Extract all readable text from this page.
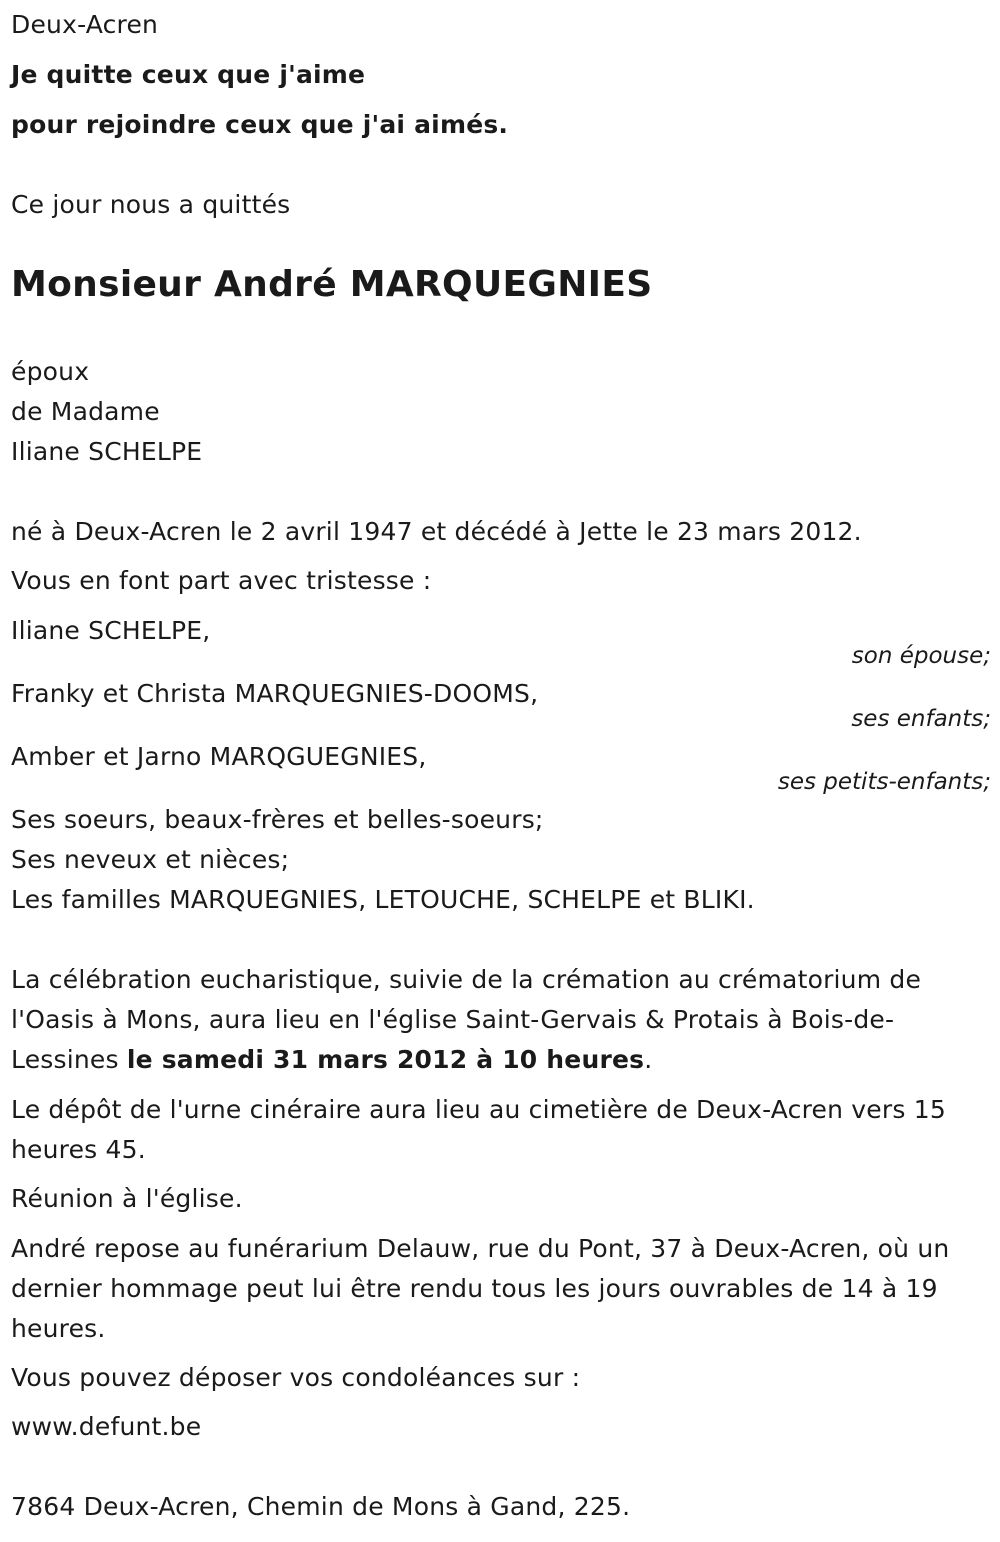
Deux-Acren
Je quitte ceux que j'aime
pour rejoindre ceux que j'ai aimés.
Ce jour nous a quittés
Monsieur André MARQUEGNIES
époux
de Madame
Iliane SCHELPE
né à Deux-Acren le 2 avril 1947 et décédé à Jette le 23 mars 2012.
Vous en font part avec tristesse :
Iliane SCHELPE,
son épouse;
Franky et Christa MARQUEGNIES-DOOMS,
ses enfants;
Amber et Jarno MARQGUEGNIES,
ses petits-enfants;
Ses soeurs, beaux-frères et belles-soeurs;
Ses neveux et nièces;
Les familles MARQUEGNIES, LETOUCHE, SCHELPE et BLIKI.
La célébration eucharistique, suivie de la crémation au crématorium de
l'Oasis à Mons, aura lieu en l'église Saint-Gervais & Protais à Bois-de-
Lessines le samedi 31 mars 2012 à 10 heures.
Le dépôt de l'urne cinéraire aura lieu au cimetière de Deux-Acren vers 15
heures 45.
Réunion à l'église.
André repose au funérarium Delauw, rue du Pont, 37 à Deux-Acren, où un
dernier hommage peut lui être rendu tous les jours ouvrables de 14 à 19
heures.
Vous pouvez déposer vos condoléances sur :
www.defunt.be
7864 Deux-Acren, Chemin de Mons à Gand, 225.
